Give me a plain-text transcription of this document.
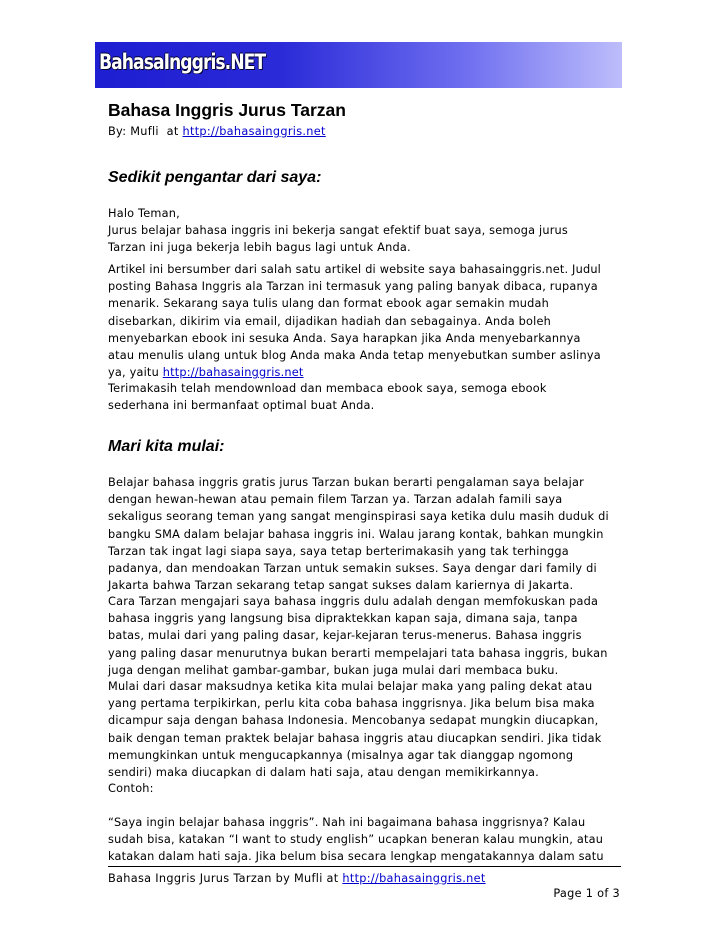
BahasaInggris.NET
Bahasa Inggris Jurus Tarzan
By: Mufli  at http://bahasainggris.net
Sedikit pengantar dari saya:
Halo Teman,
Jurus belajar bahasa inggris ini bekerja sangat efektif buat saya, semoga jurus
Tarzan ini juga bekerja lebih bagus lagi untuk Anda.
Artikel ini bersumber dari salah satu artikel di website saya bahasainggris.net. Judul
posting Bahasa Inggris ala Tarzan ini termasuk yang paling banyak dibaca, rupanya
menarik. Sekarang saya tulis ulang dan format ebook agar semakin mudah
disebarkan, dikirim via email, dijadikan hadiah dan sebagainya. Anda boleh
menyebarkan ebook ini sesuka Anda. Saya harapkan jika Anda menyebarkannya
atau menulis ulang untuk blog Anda maka Anda tetap menyebutkan sumber aslinya
ya, yaitu http://bahasainggris.net
Terimakasih telah mendownload dan membaca ebook saya, semoga ebook
sederhana ini bermanfaat optimal buat Anda.
Mari kita mulai:
Belajar bahasa inggris gratis jurus Tarzan bukan berarti pengalaman saya belajar
dengan hewan-hewan atau pemain filem Tarzan ya. Tarzan adalah famili saya
sekaligus seorang teman yang sangat menginspirasi saya ketika dulu masih duduk di
bangku SMA dalam belajar bahasa inggris ini. Walau jarang kontak, bahkan mungkin
Tarzan tak ingat lagi siapa saya, saya tetap berterimakasih yang tak terhingga
padanya, dan mendoakan Tarzan untuk semakin sukses. Saya dengar dari family di
Jakarta bahwa Tarzan sekarang tetap sangat sukses dalam kariernya di Jakarta.
Cara Tarzan mengajari saya bahasa inggris dulu adalah dengan memfokuskan pada
bahasa inggris yang langsung bisa dipraktekkan kapan saja, dimana saja, tanpa
batas, mulai dari yang paling dasar, kejar-kejaran terus-menerus. Bahasa inggris
yang paling dasar menurutnya bukan berarti mempelajari tata bahasa inggris, bukan
juga dengan melihat gambar-gambar, bukan juga mulai dari membaca buku.
Mulai dari dasar maksudnya ketika kita mulai belajar maka yang paling dekat atau
yang pertama terpikirkan, perlu kita coba bahasa inggrisnya. Jika belum bisa maka
dicampur saja dengan bahasa Indonesia. Mencobanya sedapat mungkin diucapkan,
baik dengan teman praktek belajar bahasa inggris atau diucapkan sendiri. Jika tidak
memungkinkan untuk mengucapkannya (misalnya agar tak dianggap ngomong
sendiri) maka diucapkan di dalam hati saja, atau dengan memikirkannya.
Contoh:
“Saya ingin belajar bahasa inggris”. Nah ini bagaimana bahasa inggrisnya? Kalau
sudah bisa, katakan “I want to study english” ucapkan beneran kalau mungkin, atau
katakan dalam hati saja. Jika belum bisa secara lengkap mengatakannya dalam satu
Bahasa Inggris Jurus Tarzan by Mufli at http://bahasainggris.net
Page 1 of 3
